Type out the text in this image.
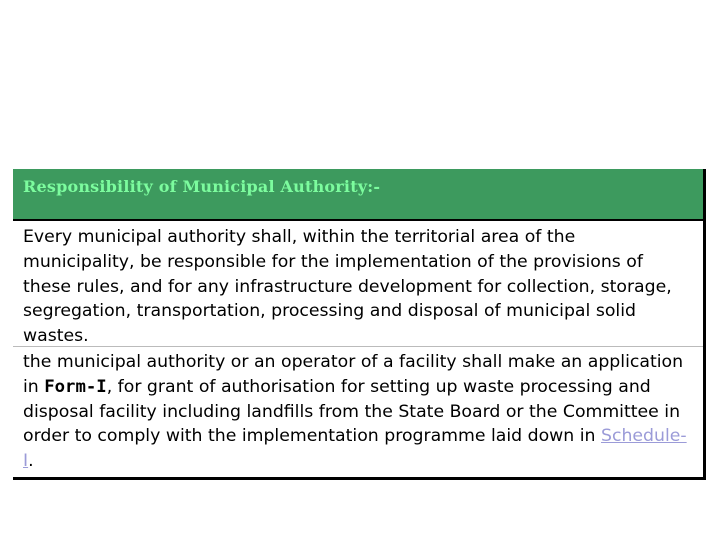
Responsibility of Municipal Authority:-

Every municipal authority shall, within the territorial area of the municipality, be responsible for the implementation of the provisions of these rules, and for any infrastructure development for collection, storage, segregation, transportation, processing and disposal of municipal solid wastes.

the municipal authority or an operator of a facility shall make an application in Form-I, for grant of authorisation for setting up waste processing and disposal facility including landfills from the State Board or the Committee in order to comply with the implementation programme laid down in Schedule-I.
